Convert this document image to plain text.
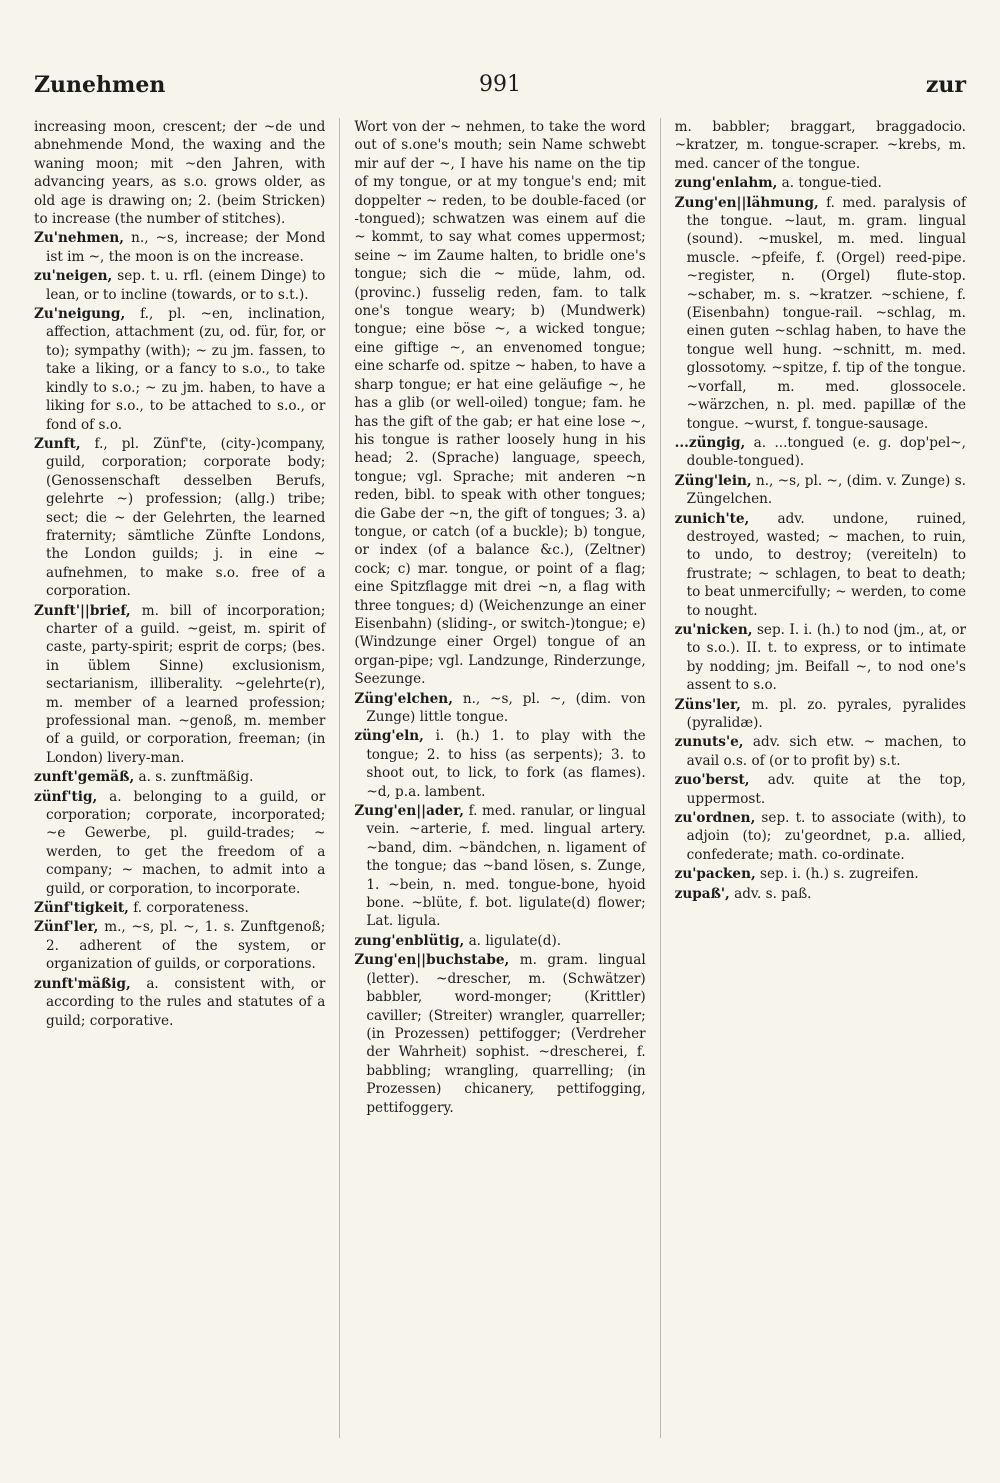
Zunehmen	991	zur

increasing moon, crescent; der ~de und abnehmende Mond, the waxing and the waning moon; mit ~den Jahren, with advancing years, as s.o. grows older, as old age is drawing on; 2. (beim Stricken) to increase (the number of stitches).

Zu'nehmen, n., ~s, increase; der Mond ist im ~, the moon is on the increase.

zu'neigen, sep. t. u. rfl. (einem Dinge) to lean, or to incline (towards, or to s.t.).

Zu'neigung, f., pl. ~en, inclination, affection, attachment (zu, od. für, for, or to); sympathy (with); ~ zu jm. fassen, to take a liking, or a fancy to s.o., to take kindly to s.o.; ~ zu jm. haben, to have a liking for s.o., to be attached to s.o., or fond of s.o.

Zunft, f., pl. Zünf'te, (city-)company, guild, corporation; corporate body; (Genossenschaft desselben Berufs, gelehrte ~) profession; (allg.) tribe; sect; die ~ der Gelehrten, the learned fraternity; sämtliche Zünfte Londons, the London guilds; j. in eine ~ aufnehmen, to make s.o. free of a corporation.

Zunft'||brief, m. bill of incorporation; charter of a guild. ~geist, m. spirit of caste, party-spirit; esprit de corps; (bes. in üblem Sinne) exclusionism, sectarianism, illiberality. ~gelehrte(r), m. member of a learned profession; professional man. ~genoß, m. member of a guild, or corporation, freeman; (in London) livery-man.

zunft'gemäß, a. s. zunftmäßig.

zünf'tig, a. belonging to a guild, or corporation; corporate, incorporated; ~e Gewerbe, pl. guild-trades; ~ werden, to get the freedom of a company; ~ machen, to admit into a guild, or corporation, to incorporate.

Zünf'tigkeit, f. corporateness.

Zünf'ler, m., ~s, pl. ~, 1. s. Zunftgenoß; 2. adherent of the system, or organization of guilds, or corporations.

zunft'mäßig, a. consistent with, or according to the rules and statutes of a guild; corporative.

Wort von der ~ nehmen, to take the word out of s.one's mouth; sein Name schwebt mir auf der ~, I have his name on the tip of my tongue, or at my tongue's end; mit doppelter ~ reden, to be double-faced (or -tongued); schwatzen was einem auf die ~ kommt, to say what comes uppermost; seine ~ im Zaume halten, to bridle one's tongue; sich die ~ müde, lahm, od. (provinc.) fusselig reden, fam. to talk one's tongue weary; b) (Mundwerk) tongue; eine böse ~, a wicked tongue; eine giftige ~, an envenomed tongue; eine scharfe od. spitze ~ haben, to have a sharp tongue; er hat eine geläufige ~, he has a glib (or well-oiled) tongue; fam. he has the gift of the gab; er hat eine lose ~, his tongue is rather loosely hung in his head; 2. (Sprache) language, speech, tongue; vgl. Sprache; mit anderen ~n reden, bibl. to speak with other tongues; die Gabe der ~n, the gift of tongues; 3. a) tongue, or catch (of a buckle); b) tongue, or index (of a balance &c.), (Zeltner) cock; c) mar. tongue, or point of a flag; eine Spitzflagge mit drei ~n, a flag with three tongues; d) (Weichenzunge an einer Eisenbahn) (sliding-, or switch-)tongue; e) (Windzunge einer Orgel) tongue of an organ-pipe; vgl. Landzunge, Rinderzunge, Seezunge.

Züng'elchen, n., ~s, pl. ~, (dim. von Zunge) little tongue.

züng'eln, i. (h.) 1. to play with the tongue; 2. to hiss (as serpents); 3. to shoot out, to lick, to fork (as flames). ~d, p.a. lambent.

Zung'en||ader, f. med. ranular, or lingual vein. ~arterie, f. med. lingual artery. ~band, dim. ~bändchen, n. ligament of the tongue; das ~band lösen, s. Zunge, 1. ~bein, n. med. tongue-bone, hyoid bone. ~blüte, f. bot. ligulate(d) flower; Lat. ligula.

zung'enblütig, a. ligulate(d).

Zung'en||buchstabe, m. gram. lingual (letter). ~drescher, m. (Schwätzer) babbler, word-monger; (Krittler) caviller; (Streiter) wrangler, quarreller; (in Prozessen) pettifogger; (Verdreher der Wahrheit) sophist. ~drescherei, f. babbling; wrangling, quarrelling; (in Prozessen) chicanery, pettifogging, pettifoggery.

m. babbler; braggart, braggadocio. ~kratzer, m. tongue-scraper. ~krebs, m. med. cancer of the tongue.

zung'enlahm, a. tongue-tied.

Zung'en||lähmung, f. med. paralysis of the tongue. ~laut, m. gram. lingual (sound). ~muskel, m. med. lingual muscle. ~pfeife, f. (Orgel) reed-pipe. ~register, n. (Orgel) flute-stop. ~schaber, m. s. ~kratzer. ~schiene, f. (Eisenbahn) tongue-rail. ~schlag, m. einen guten ~schlag haben, to have the tongue well hung. ~schnitt, m. med. glossotomy. ~spitze, f. tip of the tongue. ~vorfall, m. med. glossocele. ~wärzchen, n. pl. med. papillæ of the tongue. ~wurst, f. tongue-sausage.

...züngig, a. ...tongued (e. g. dop'pel~, double-tongued).

Züng'lein, n., ~s, pl. ~, (dim. v. Zunge) s. Züngelchen.

zunich'te, adv. undone, ruined, destroyed, wasted; ~ machen, to ruin, to undo, to destroy; (vereiteln) to frustrate; ~ schlagen, to beat to death; to beat unmercifully; ~ werden, to come to nought.

zu'nicken, sep. I. i. (h.) to nod (jm., at, or to s.o.). II. t. to express, or to intimate by nodding; jm. Beifall ~, to nod one's assent to s.o.

Züns'ler, m. pl. zo. pyrales, pyralides (pyralidæ).

zunuts'e, adv. sich etw. ~ machen, to avail o.s. of (or to profit by) s.t.

zuo'berst, adv. quite at the top, uppermost.

zu'ordnen, sep. t. to associate (with), to adjoin (to); zu'geordnet, p.a. allied, confederate; math. co-ordinate.

zu'packen, sep. i. (h.) s. zugreifen.

zupaß', adv. s. paß.
